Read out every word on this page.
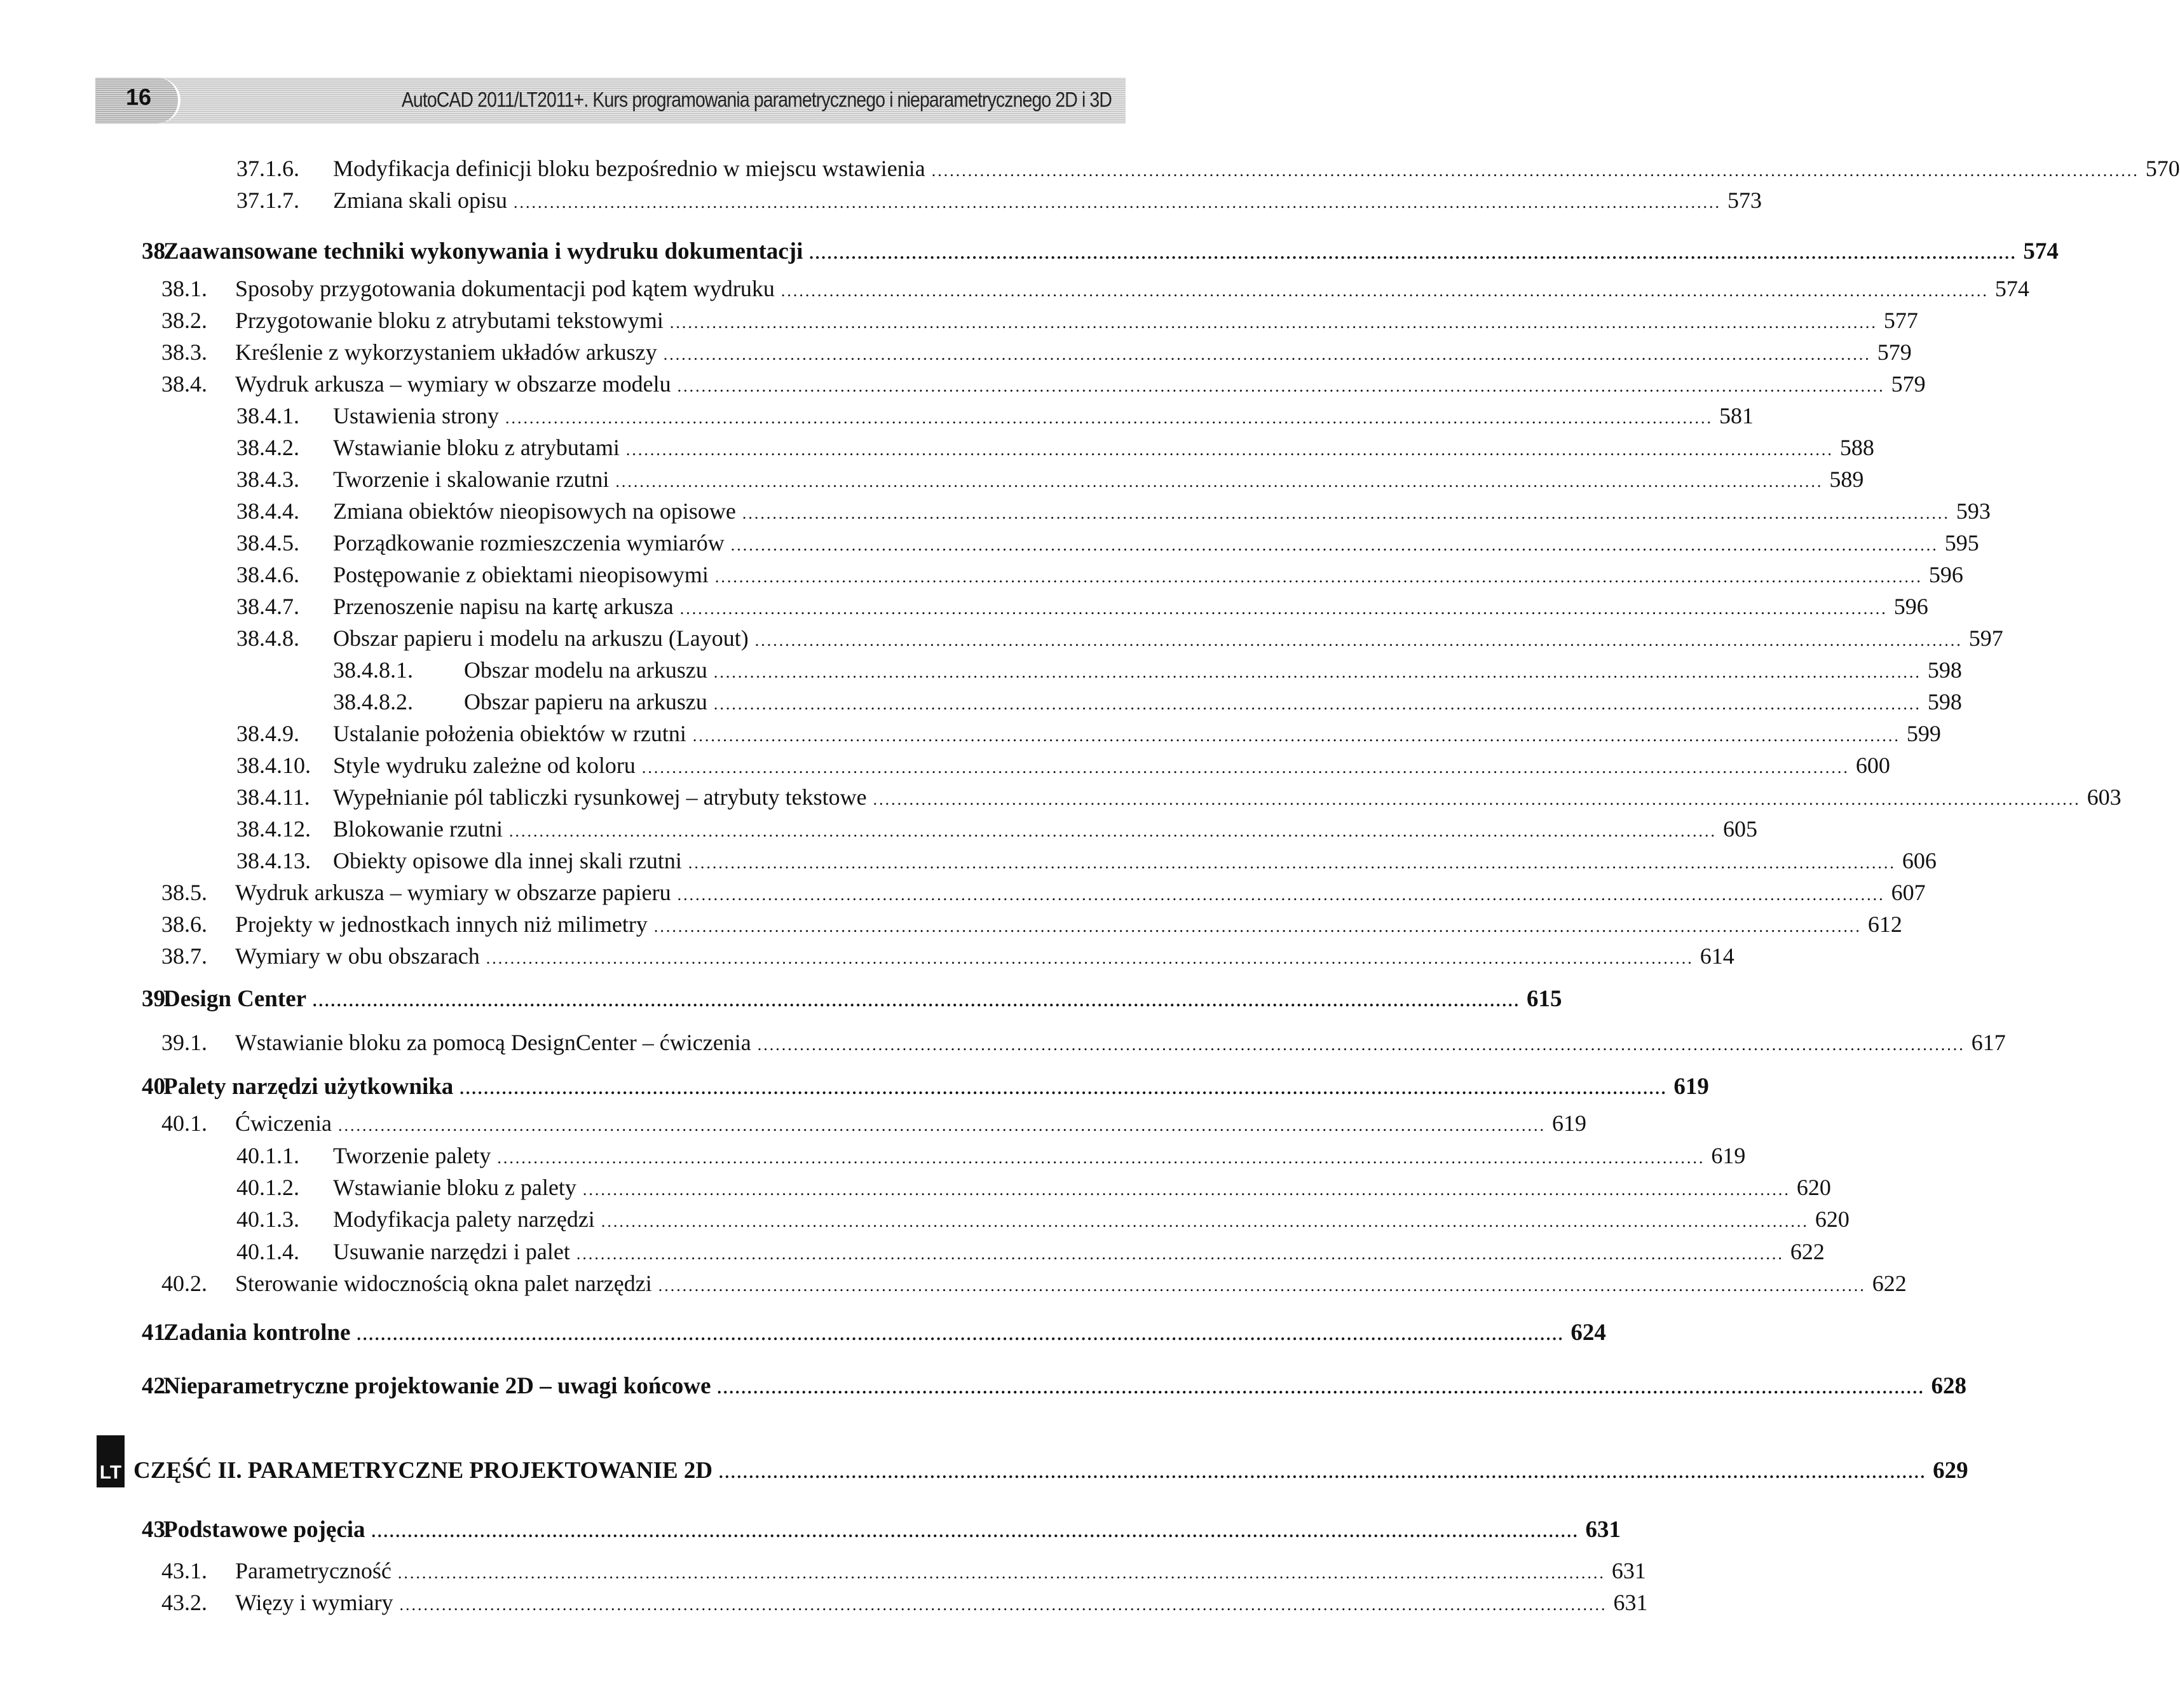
16	AutoCAD 2011/LT2011+. Kurs programowania parametrycznego i nieparametrycznego 2D i 3D
LT
37.1.6. Modyfikacja definicji bloku bezpośrednio w miejscu wstawienia ........................................................................................................................................................................................................ 570
37.1.7. Zmiana skali opisu ........................................................................................................................................................................................................ 573
38.
Zaawansowane techniki wykonywania i wydruku dokumentacji ........................................................................................................................................................................................................ 574
38.1. Sposoby przygotowania dokumentacji pod kątem wydruku ........................................................................................................................................................................................................ 574
38.2. Przygotowanie bloku z atrybutami tekstowymi ........................................................................................................................................................................................................ 577
38.3. Kreślenie z wykorzystaniem układów arkuszy ........................................................................................................................................................................................................ 579
38.4. Wydruk arkusza – wymiary w obszarze modelu ........................................................................................................................................................................................................ 579
38.4.1. Ustawienia strony ........................................................................................................................................................................................................ 581
38.4.2. Wstawianie bloku z atrybutami ........................................................................................................................................................................................................ 588
38.4.3. Tworzenie i skalowanie rzutni ........................................................................................................................................................................................................ 589
38.4.4. Zmiana obiektów nieopisowych na opisowe ........................................................................................................................................................................................................ 593
38.4.5. Porządkowanie rozmieszczenia wymiarów ........................................................................................................................................................................................................ 595
38.4.6. Postępowanie z obiektami nieopisowymi ........................................................................................................................................................................................................ 596
38.4.7. Przenoszenie napisu na kartę arkusza ........................................................................................................................................................................................................ 596
38.4.8. Obszar papieru i modelu na arkuszu (Layout) ........................................................................................................................................................................................................ 597
38.4.8.1. Obszar modelu na arkuszu ........................................................................................................................................................................................................ 598
38.4.8.2. Obszar papieru na arkuszu ........................................................................................................................................................................................................ 598
38.4.9. Ustalanie położenia obiektów w rzutni ........................................................................................................................................................................................................ 599
38.4.10. Style wydruku zależne od koloru ........................................................................................................................................................................................................ 600
38.4.11. Wypełnianie pól tabliczki rysunkowej – atrybuty tekstowe ........................................................................................................................................................................................................ 603
38.4.12. Blokowanie rzutni ........................................................................................................................................................................................................ 605
38.4.13. Obiekty opisowe dla innej skali rzutni ........................................................................................................................................................................................................ 606
38.5. Wydruk arkusza – wymiary w obszarze papieru ........................................................................................................................................................................................................ 607
38.6. Projekty w jednostkach innych niż milimetry ........................................................................................................................................................................................................ 612
38.7. Wymiary w obu obszarach ........................................................................................................................................................................................................ 614
39.
Design Center ........................................................................................................................................................................................................ 615
39.1. Wstawianie bloku za pomocą DesignCenter – ćwiczenia ........................................................................................................................................................................................................ 617
40.
Palety narzędzi użytkownika ........................................................................................................................................................................................................ 619
40.1. Ćwiczenia ........................................................................................................................................................................................................ 619
40.1.1. Tworzenie palety ........................................................................................................................................................................................................ 619
40.1.2. Wstawianie bloku z palety ........................................................................................................................................................................................................ 620
40.1.3. Modyfikacja palety narzędzi ........................................................................................................................................................................................................ 620
40.1.4. Usuwanie narzędzi i palet ........................................................................................................................................................................................................ 622
40.2. Sterowanie widocznością okna palet narzędzi ........................................................................................................................................................................................................ 622
41.
Zadania kontrolne ........................................................................................................................................................................................................ 624
42.
Nieparametryczne projektowanie 2D – uwagi końcowe ........................................................................................................................................................................................................ 628
CZĘŚĆ II. PARAMETRYCZNE PROJEKTOWANIE 2D ........................................................................................................................................................................................................ 629
43.
Podstawowe pojęcia ........................................................................................................................................................................................................ 631
43.1. Parametryczność ........................................................................................................................................................................................................ 631
43.2. Więzy i wymiary ........................................................................................................................................................................................................ 631
